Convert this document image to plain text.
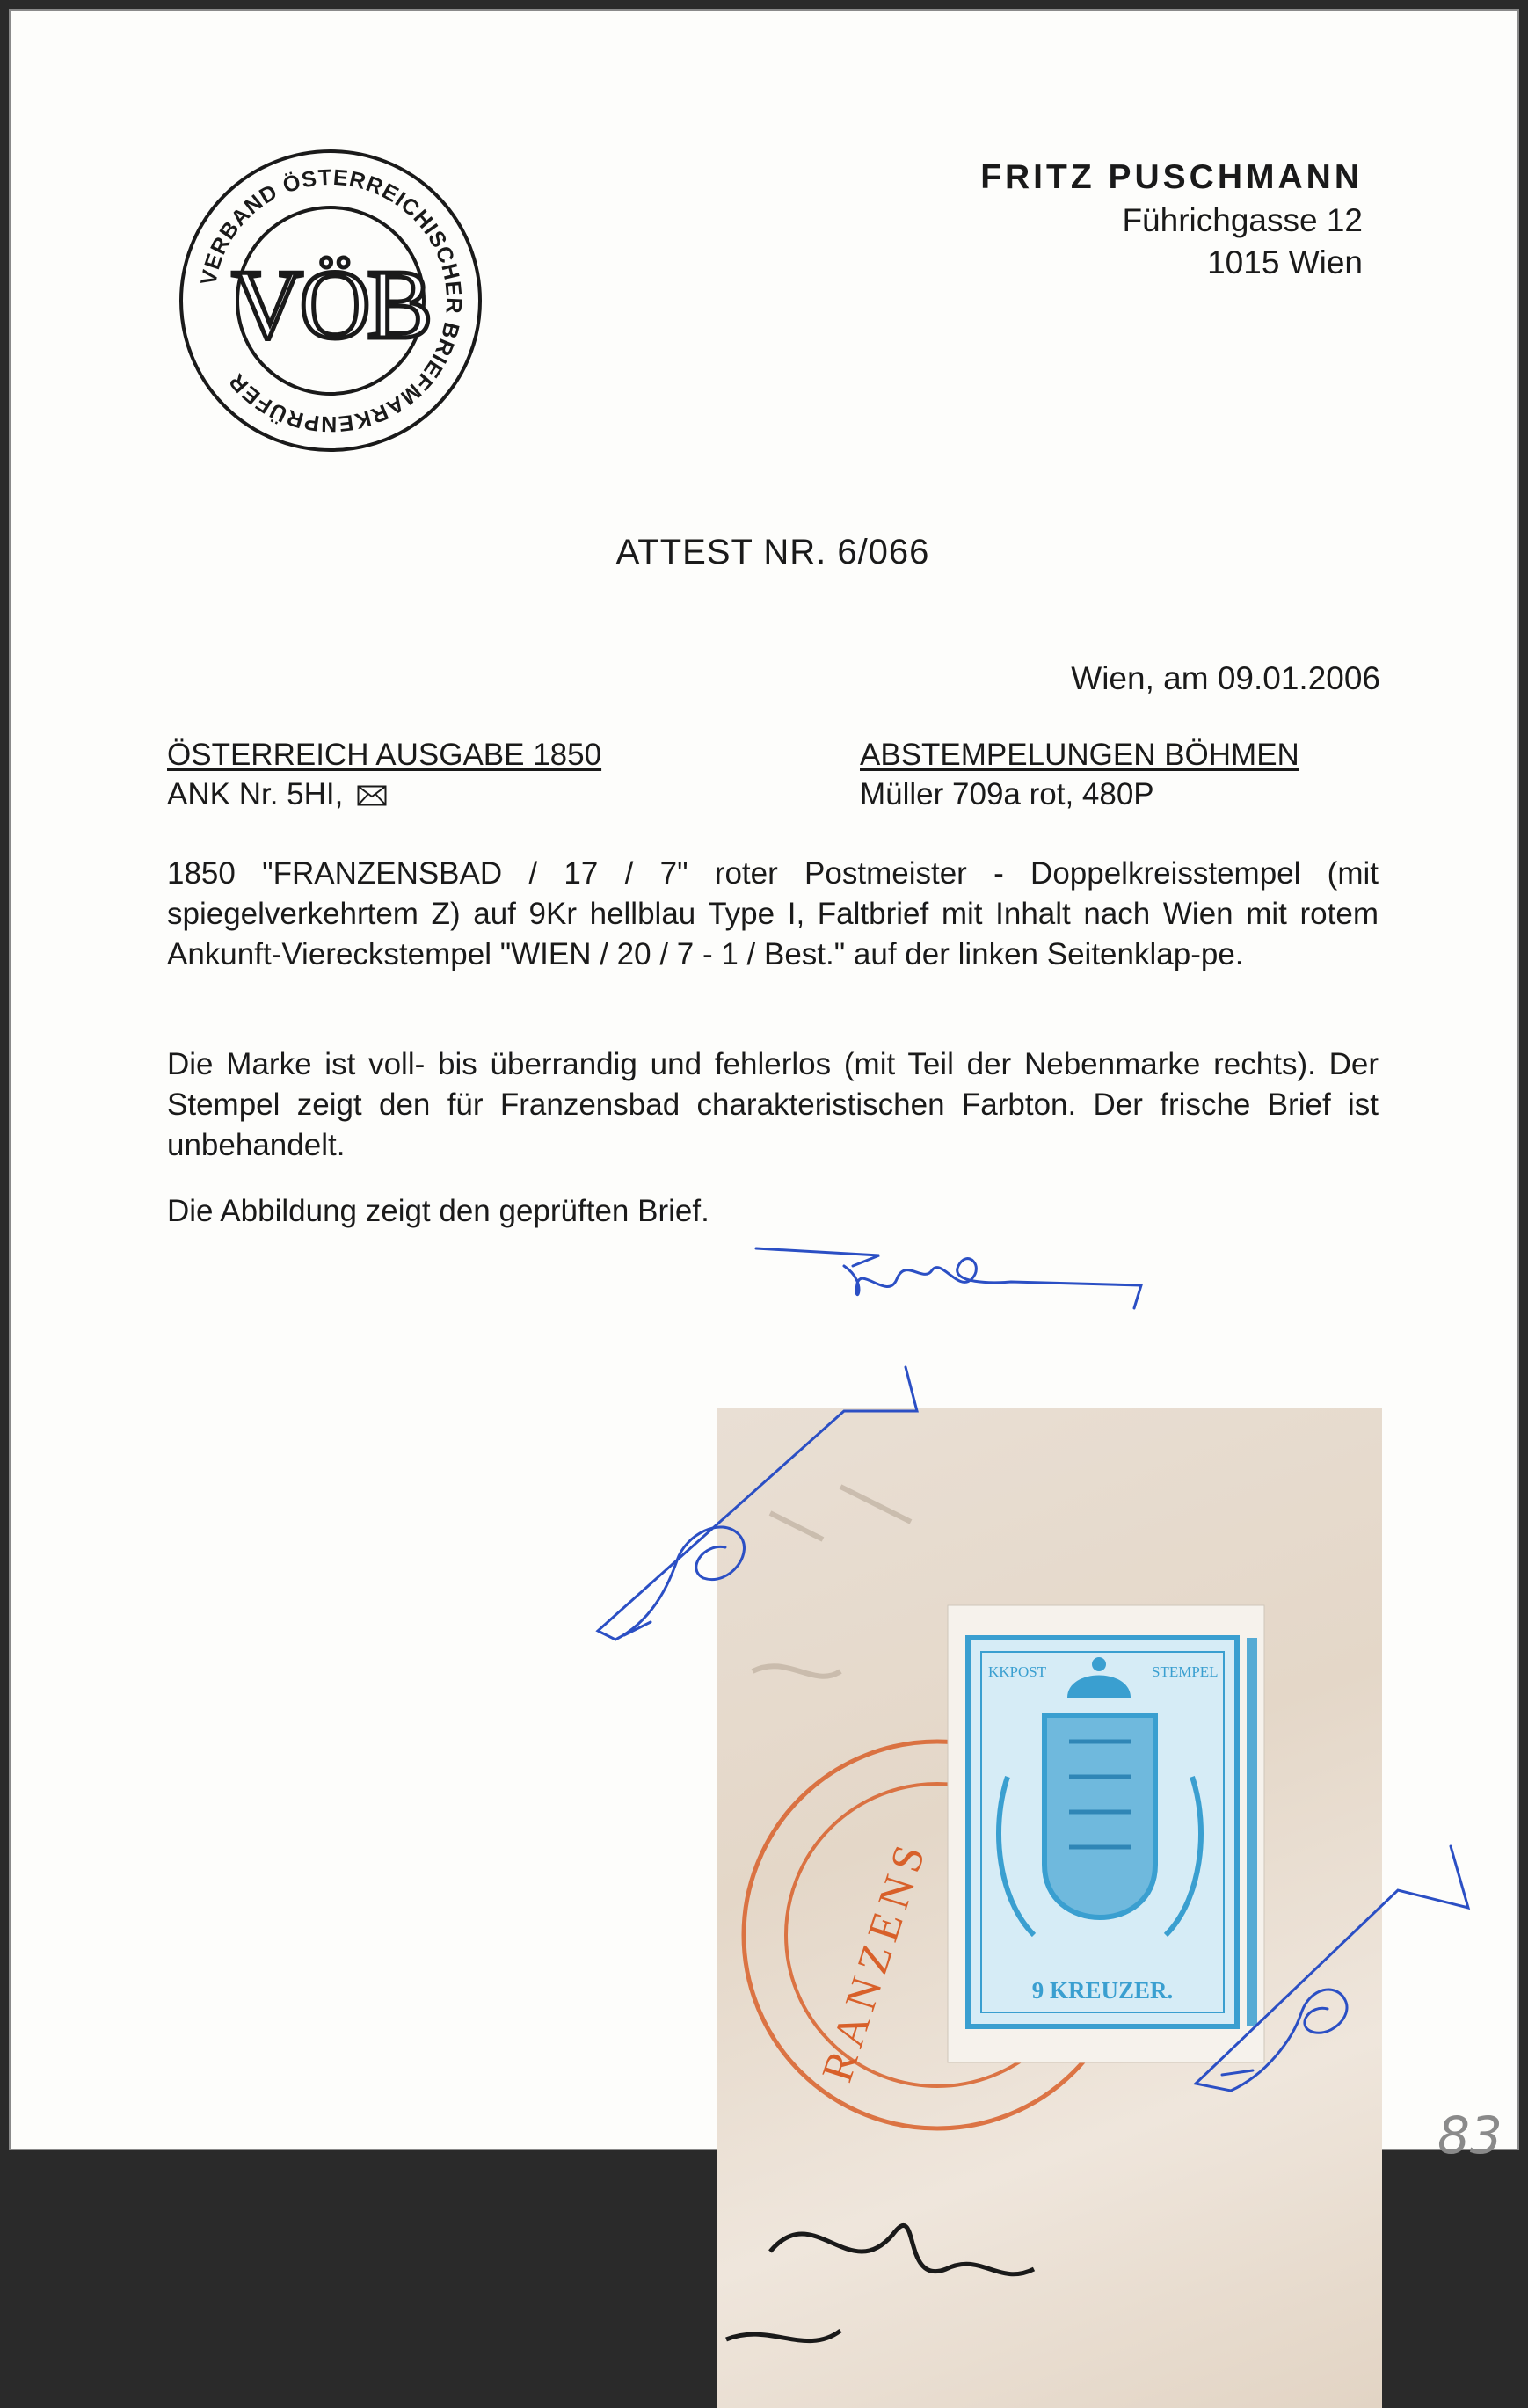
VERBAND ÖSTERREICHISCHER BRIEFMARKENPRÜFER
VÖB
FRITZ PUSCHMANN
Führichgasse 12
1015 Wien
ATTEST NR. 6/066
Wien, am 09.01.2006
ÖSTERREICH AUSGABE 1850
ANK Nr. 5HI,
ABSTEMPELUNGEN BÖHMEN
Müller 709a rot, 480P
1850 "FRANZENSBAD / 17 / 7" roter Postmeister - Doppelkreisstempel (mit spiegelverkehrtem Z) auf 9Kr hellblau Type I, Faltbrief mit Inhalt nach Wien mit rotem Ankunft-Viereckstempel "WIEN / 20 / 7 - 1 / Best." auf der linken Seitenklap-pe.
Die Marke ist voll- bis überrandig und fehlerlos (mit Teil der Nebenmarke rechts). Der Stempel zeigt den für Franzensbad charakteristischen Farbton. Der frische Brief ist unbehandelt.
Die Abbildung zeigt den geprüften Brief.
KKPOST	STEMPEL
9 KREUZER.
RANZENS
83
